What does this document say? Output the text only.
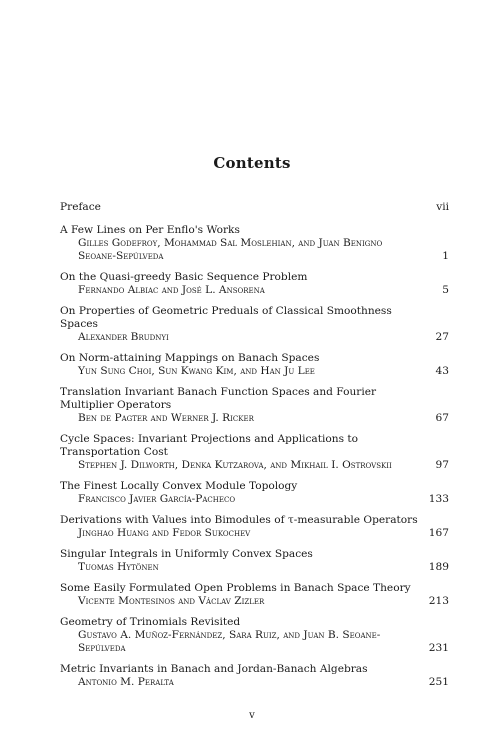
Contents
Preface	vii
A Few Lines on Per Enflo's Works
Gilles Godefroy, Mohammad Sal Moslehian, and Juan Benigno Seoane-Sepúlveda	1
On the Quasi-greedy Basic Sequence Problem
Fernando Albiac and José L. Ansorena	5
On Properties of Geometric Preduals of Classical Smoothness Spaces
Alexander Brudnyi	27
On Norm-attaining Mappings on Banach Spaces
Yun Sung Choi, Sun Kwang Kim, and Han Ju Lee	43
Translation Invariant Banach Function Spaces and Fourier Multiplier Operators
Ben de Pagter and Werner J. Ricker	67
Cycle Spaces: Invariant Projections and Applications to Transportation Cost
Stephen J. Dilworth, Denka Kutzarova, and Mikhail I. Ostrovskii	97
The Finest Locally Convex Module Topology
Francisco Javier García-Pacheco	133
Derivations with Values into Bimodules of τ-measurable Operators
Jinghao Huang and Fedor Sukochev	167
Singular Integrals in Uniformly Convex Spaces
Tuomas Hytönen	189
Some Easily Formulated Open Problems in Banach Space Theory
Vicente Montesinos and Václav Zizler	213
Geometry of Trinomials Revisited
Gustavo A. Muñoz-Fernández, Sara Ruiz, and Juan B. Seoane-Sepúlveda	231
Metric Invariants in Banach and Jordan-Banach Algebras
Antonio M. Peralta	251
v
